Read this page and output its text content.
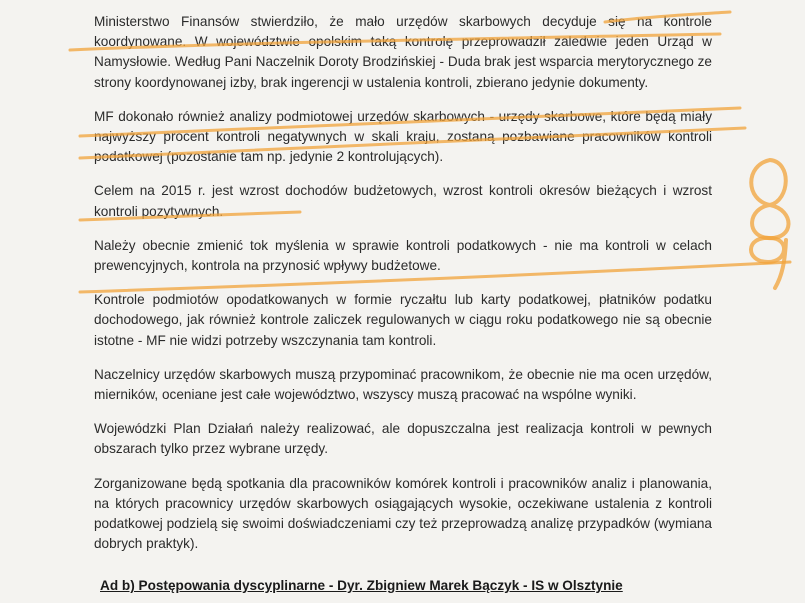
Ministerstwo Finansów stwierdziło, że mało urzędów skarbowych decyduje się na kontrole koordynowane. W województwie opolskim taką kontrolę przeprowadził zaledwie jeden Urząd w Namysłowie. Według Pani Naczelnik Doroty Brodzińskiej - Duda brak jest wsparcia merytorycznego ze strony koordynowanej izby, brak ingerencji w ustalenia kontroli, zbierano jedynie dokumenty.

MF dokonało również analizy podmiotowej urzędów skarbowych - urzędy skarbowe, które będą miały najwyższy procent kontroli negatywnych w skali kraju, zostaną pozbawiane pracowników kontroli podatkowej (pozostanie tam np. jedynie 2 kontrolujących).

Celem na 2015 r. jest wzrost dochodów budżetowych, wzrost kontroli okresów bieżących i wzrost kontroli pozytywnych.

Należy obecnie zmienić tok myślenia w sprawie kontroli podatkowych - nie ma kontroli w celach prewencyjnych, kontrola na przynosić wpływy budżetowe.

Kontrole podmiotów opodatkowanych w formie ryczałtu lub karty podatkowej, płatników podatku dochodowego, jak również kontrole zaliczek regulowanych w ciągu roku podatkowego nie są obecnie istotne - MF nie widzi potrzeby wszczynania tam kontroli.

Naczelnicy urzędów skarbowych muszą przypominać pracownikom, że obecnie nie ma ocen urzędów, mierników, oceniane jest całe województwo, wszyscy muszą pracować na wspólne wyniki.

Wojewódzki Plan Działań należy realizować, ale dopuszczalna jest realizacja kontroli w pewnych obszarach tylko przez wybrane urzędy.

Zorganizowane będą spotkania dla pracowników komórek kontroli i pracowników analiz i planowania, na których pracownicy urzędów skarbowych osiągających wysokie, oczekiwane ustalenia z kontroli podatkowej podzielą się swoimi doświadczeniami czy też przeprowadzą analizę przypadków (wymiana dobrych praktyk).

Ad b) Postępowania dyscyplinarne - Dyr. Zbigniew Marek Bączyk - IS w Olsztynie
